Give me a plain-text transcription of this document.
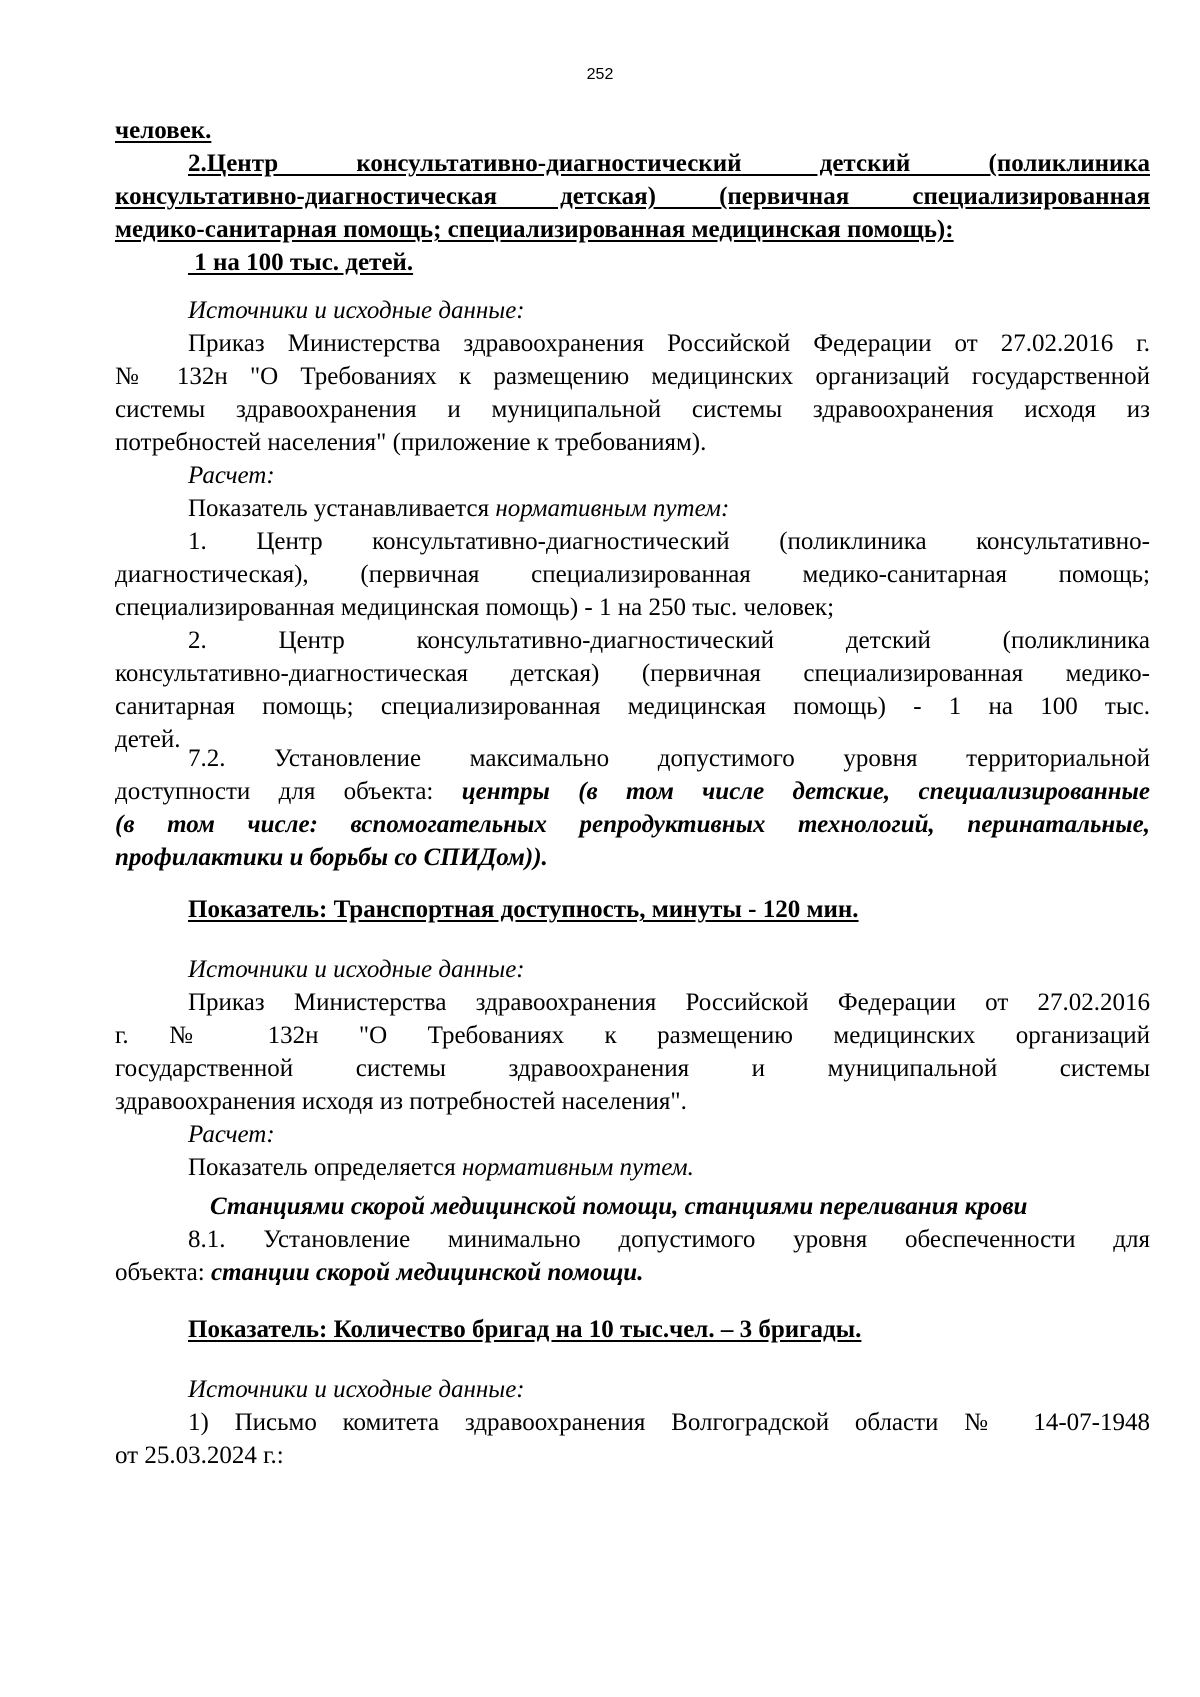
252
человек.
2.Центр консультативно-диагностический детский (поликлиника
консультативно-диагностическая детская) (первичная специализированная
медико-санитарная помощь; специализированная медицинская помощь):
1 на 100 тыс. детей.
Источники и исходные данные:
Приказ Министерства здравоохранения Российской Федерации от 27.02.2016 г.
№ 132н "О Требованиях к размещению медицинских организаций государственной
системы здравоохранения и муниципальной системы здравоохранения исходя из
потребностей населения" (приложение к требованиям).
Расчет:
Показатель устанавливается нормативным путем:
1. Центр консультативно-диагностический (поликлиника консультативно-
диагностическая), (первичная специализированная медико-санитарная помощь;
специализированная медицинская помощь) - 1 на 250 тыс. человек;
2. Центр консультативно-диагностический детский (поликлиника
консультативно-диагностическая детская) (первичная специализированная медико-
санитарная помощь; специализированная медицинская помощь) - 1 на 100 тыс.
детей.
7.2. Установление максимально допустимого уровня территориальной
доступности для объекта: центры (в том числе детские, специализированные
(в том числе: вспомогательных репродуктивных технологий, перинатальные,
профилактики и борьбы со СПИДом)).
Показатель: Транспортная доступность, минуты - 120 мин.
Источники и исходные данные:
Приказ Министерства здравоохранения Российской Федерации от 27.02.2016
г. № 132н "О Требованиях к размещению медицинских организаций
государственной системы здравоохранения и муниципальной системы
здравоохранения исходя из потребностей населения".
Расчет:
Показатель определяется нормативным путем.
Станциями скорой медицинской помощи, станциями переливания крови
8.1. Установление минимально допустимого уровня обеспеченности для
объекта: станции скорой медицинской помощи.
Показатель: Количество бригад на 10 тыс.чел. – 3 бригады.
Источники и исходные данные:
1) Письмо комитета здравоохранения Волгоградской области № 14-07-1948
от 25.03.2024 г.:
